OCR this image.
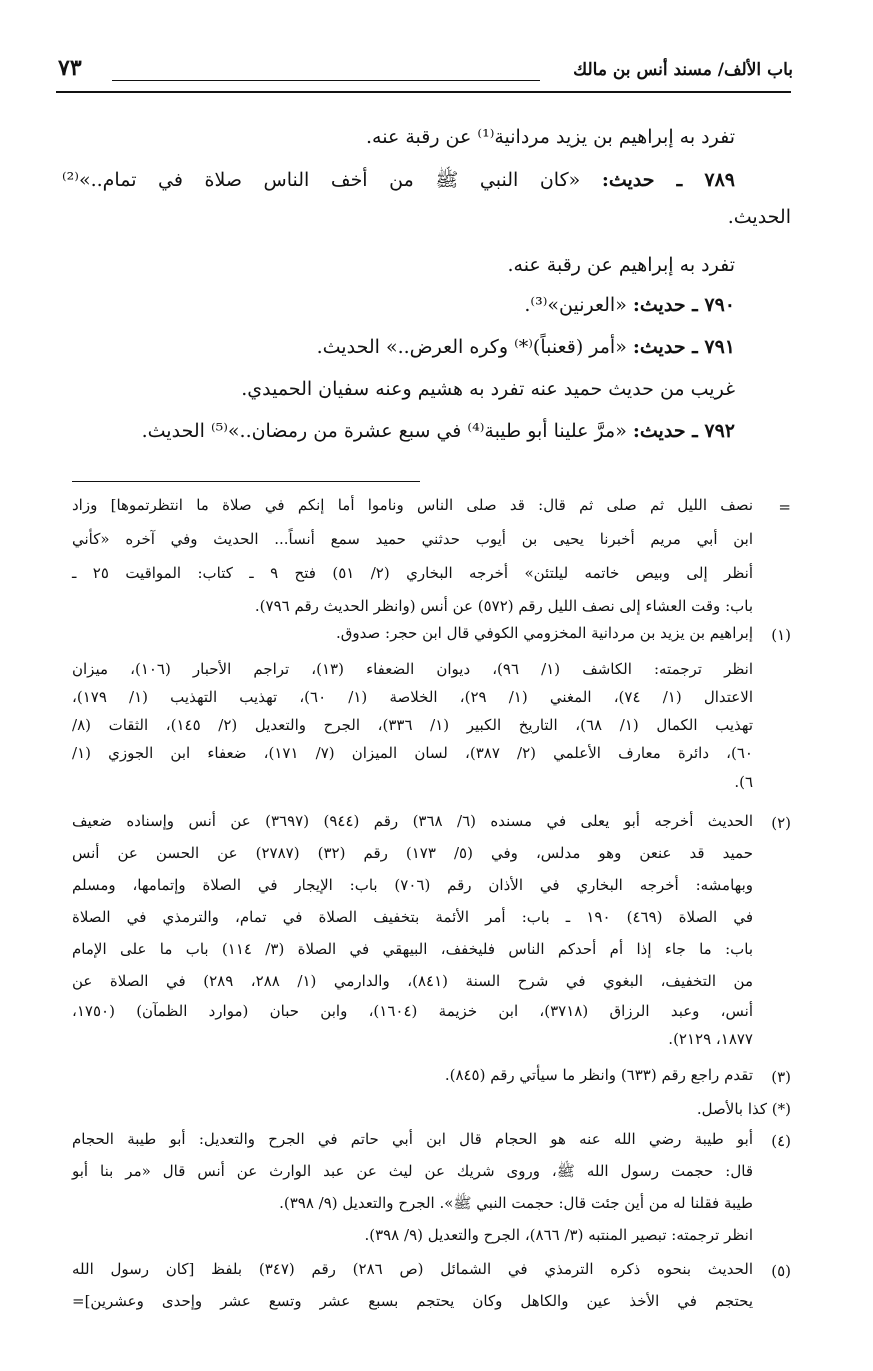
باب الألف/ مسند أنس بن مالك
٧٣
تفرد به إبراهيم بن يزيد مردانية⁽¹⁾ عن رقبة عنه.
٧٨٩ ـ حديث: «كان النبي ﷺ من أخف الناس صلاة في تمام..»⁽²⁾
الحديث.
تفرد به إبراهيم عن رقبة عنه.
٧٩٠ ـ حديث: «العرنين»⁽³⁾.
٧٩١ ـ حديث: «أمر (قعنباً)⁽*⁾ وكره العرض..» الحديث.
غريب من حديث حميد عنه تفرد به هشيم وعنه سفيان الحميدي.
٧٩٢ ـ حديث: «مرَّ علينا أبو طيبة⁽⁴⁾ في سبع عشرة من رمضان..»⁽⁵⁾ الحديث.
=
نصف الليل ثم صلى ثم قال: قد صلى الناس وناموا أما إنكم في صلاة ما انتظرتموها] وزاد
ابن أبي مريم أخبرنا يحيى بن أيوب حدثني حميد سمع أنساً... الحديث وفي آخره «كأني
أنظر إلى وبيص خاتمه ليلتئن» أخرجه البخاري (٢/ ٥١) فتح ٩ ـ كتاب: المواقيت ٢٥ ـ
باب: وقت العشاء إلى نصف الليل رقم (٥٧٢) عن أنس (وانظر الحديث رقم ٧٩٦).
(١)
إبراهيم بن يزيد بن مردانية المخزومي الكوفي قال ابن حجر: صدوق.
انظر ترجمته: الكاشف (١/ ٩٦)، ديوان الضعفاء (١٣)، تراجم الأحبار (١٠٦)، ميزان
الاعتدال (١/ ٧٤)، المغني (١/ ٢٩)، الخلاصة (١/ ٦٠)، تهذيب التهذيب (١/ ١٧٩)،
تهذيب الكمال (١/ ٦٨)، التاريخ الكبير (١/ ٣٣٦)، الجرح والتعديل (٢/ ١٤٥)، الثقات (٨/
٦٠)، دائرة معارف الأعلمي (٢/ ٣٨٧)، لسان الميزان (٧/ ١٧١)، ضعفاء ابن الجوزي (١/
٦).
(٢)
الحديث أخرجه أبو يعلى في مسنده (٦/ ٣٦٨) رقم (٩٤٤) (٣٦٩٧) عن أنس وإسناده ضعيف
حميد قد عنعن وهو مدلس، وفي (٥/ ١٧٣) رقم (٣٢) (٢٧٨٧) عن الحسن عن أنس
وبهامشه: أخرجه البخاري في الأذان رقم (٧٠٦) باب: الإيجار في الصلاة وإتمامها، ومسلم
في الصلاة (٤٦٩) ١٩٠ ـ باب: أمر الأئمة بتخفيف الصلاة في تمام، والترمذي في الصلاة
باب: ما جاء إذا أم أحدكم الناس فليخفف، البيهقي في الصلاة (٣/ ١١٤) باب ما على الإمام
من التخفيف، البغوي في شرح السنة (٨٤١)، والدارمي (١/ ٢٨٨، ٢٨٩) في الصلاة عن
أنس، وعبد الرزاق (٣٧١٨)، ابن خزيمة (١٦٠٤)، وابن حبان (موارد الظمآن) (١٧٥٠،
١٨٧٧، ٢١٢٩).
(٣)
تقدم راجع رقم (٦٣٣) وانظر ما سيأتي رقم (٨٤٥).
(*) كذا بالأصل.
(٤)
أبو طيبة رضي الله عنه هو الحجام قال ابن أبي حاتم في الجرح والتعديل: أبو طيبة الحجام
قال: حجمت رسول الله ﷺ، وروى شريك عن ليث عن عبد الوارث عن أنس قال «مر بنا أبو
طيبة فقلنا له من أين جئت قال: حجمت النبي ﷺ». الجرح والتعديل (٩/ ٣٩٨).
انظر ترجمته: تبصير المنتبه (٣/ ٨٦٦)، الجرح والتعديل (٩/ ٣٩٨).
(٥)
الحديث بنحوه ذكره الترمذي في الشمائل (ص ٢٨٦) رقم (٣٤٧) بلفظ [كان رسول الله
يحتجم في الأخذ عين والكاهل وكان يحتجم بسبع عشر وتسع عشر وإحدى وعشرين]=
